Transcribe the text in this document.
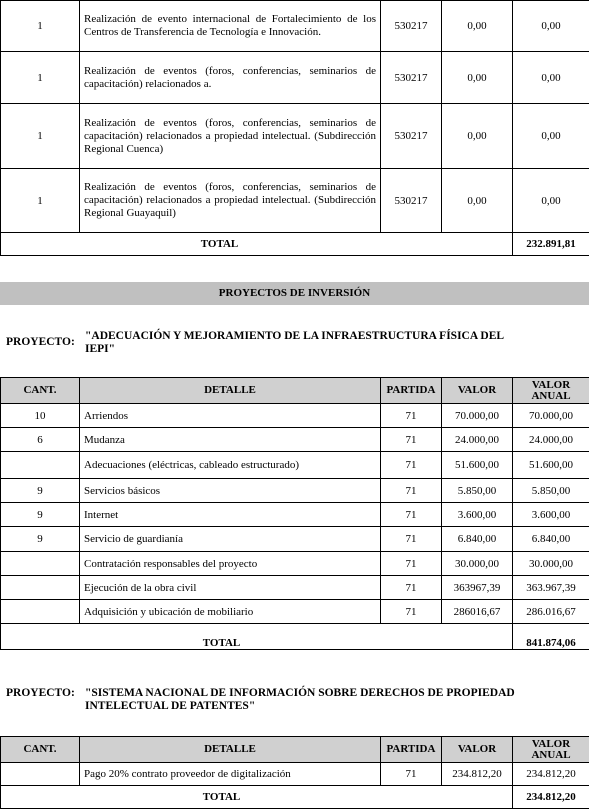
1	Realización de evento internacional de Fortalecimiento de los Centros de Transferencia de Tecnología e Innovación.	530217	0,00	0,00
1	Realización de eventos (foros, conferencias, seminarios de capacitación) relacionados a.	530217	0,00	0,00
1	Realización de eventos (foros, conferencias, seminarios de capacitación) relacionados a propiedad intelectual. (Subdirección Regional Cuenca)	530217	0,00	0,00
1	Realización de eventos (foros, conferencias, seminarios de capacitación) relacionados a propiedad intelectual. (Subdirección Regional Guayaquil)	530217	0,00	0,00
TOTAL				232.891,81
PROYECTOS DE INVERSIÓN
PROYECTO: "ADECUACIÓN Y MEJORAMIENTO DE LA INFRAESTRUCTURA FÍSICA DEL IEPI"
CANT.	DETALLE	PARTIDA	VALOR	VALOR ANUAL
10	Arriendos	71	70.000,00	70.000,00
6	Mudanza	71	24.000,00	24.000,00
	Adecuaciones (eléctricas, cableado estructurado)	71	51.600,00	51.600,00
9	Servicios básicos	71	5.850,00	5.850,00
9	Internet	71	3.600,00	3.600,00
9	Servicio de guardianía	71	6.840,00	6.840,00
	Contratación responsables del proyecto	71	30.000,00	30.000,00
	Ejecución de la obra civil	71	363967,39	363.967,39
	Adquisición y ubicación de mobiliario	71	286016,67	286.016,67
TOTAL				841.874,06
PROYECTO: "SISTEMA NACIONAL DE INFORMACIÓN SOBRE DERECHOS DE PROPIEDAD INTELECTUAL DE PATENTES"
CANT.	DETALLE	PARTIDA	VALOR	VALOR ANUAL
	Pago 20% contrato proveedor de digitalización	71	234.812,20	234.812,20
TOTAL				234.812,20
